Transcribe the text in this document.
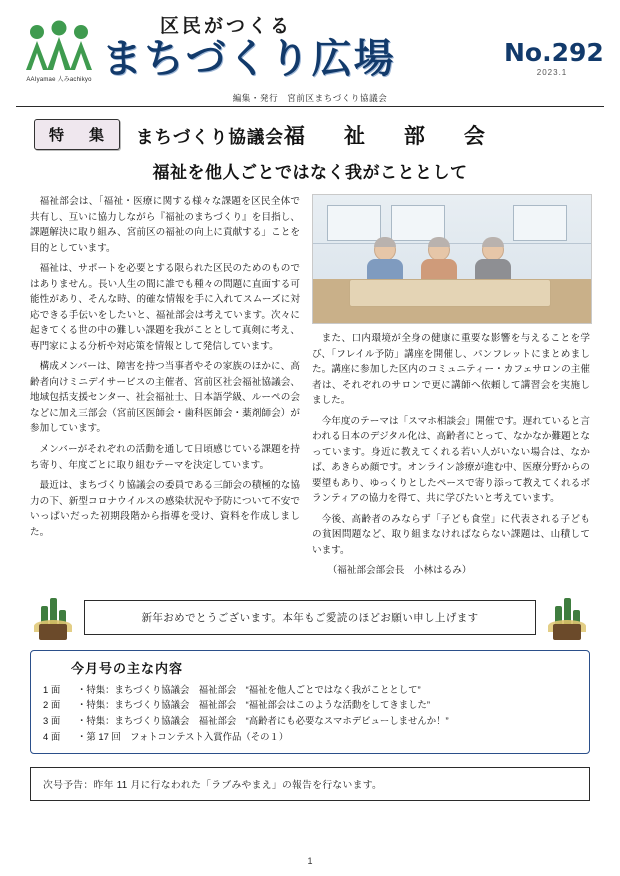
AAIyamae 人みachikyo
区民がつくる
まちづくり広場	No.292
2023.1
編集・発行　宮前区まちづくり協議会
特　集	まちづくり協議会福　祉　部　会
福祉を他人ごとではなく我がこととして

福祉部会は、「福祉・医療に関する様々な課題を区民全体で共有し、互いに協力しながら『福祉のまちづくり』を目指し、課題解決に取り組み、宮前区の福祉の向上に貢献する」ことを目的としています。

福祉は、サポートを必要とする限られた区民のためのものではありません。長い人生の間に誰でも種々の問題に直面する可能性があり、そんな時、的確な情報を手に入れてスムーズに対応できる手伝いをしたいと、福祉部会は考えています。次々に起きてくる世の中の難しい課題を我がこととして真剣に考え、専門家による分析や対応策を情報として発信しています。

構成メンバーは、障害を持つ当事者やその家族のほかに、高齢者向けミニデイサービスの主催者、宮前区社会福祉協議会、地域包括支援センター、社会福祉士、日本語学級、ルーペの会などに加え三部会（宮前区医師会・歯科医師会・薬剤師会）が参加しています。

メンバーがそれぞれの活動を通して日頃感じている課題を持ち寄り、年度ごとに取り組むテーマを決定しています。

最近は、まちづくり協議会の委員である三師会の積極的な協力の下、新型コロナウイルスの感染状況や予防について不安でいっぱいだった初期段階から指導を受け、資料を作成しました。

また、口内環境が全身の健康に重要な影響を与えることを学び、「フレイル予防」講座を開催し、パンフレットにまとめました。講座に参加した区内のコミュニティー・カフェサロンの主催者は、それぞれのサロンで更に講師へ依頼して講習会を実施しました。

今年度のテーマは「スマホ相談会」開催です。遅れていると言われる日本のデジタル化は、高齢者にとって、なかなか難題となっています。身近に教えてくれる若い人がいない場合は、なかば、あきらめ顔です。オンライン診療が進む中、医療分野からの要望もあり、ゆっくりとしたペースで寄り添って教えてくれるボランティアの協力を得て、共に学びたいと考えています。

今後、高齢者のみならず「子ども食堂」に代表される子どもの貧困問題など、取り組まなければならない課題は、山積しています。

（福祉部会部会長　小林はるみ）

新年おめでとうございます。本年もご愛読のほどお願い申し上げます
今月号の主な内容
1 面	・特集：まちづくり協議会　福祉部会　“福祉を他人ごとではなく我がこととして”
2 面	・特集：まちづくり協議会　福祉部会　“福祉部会はこのような活動をしてきました”
3 面	・特集：まちづくり協議会　福祉部会　“高齢者にも必要なスマホデビューしませんか！”
4 面	・第 17 回　フォトコンテスト入賞作品（その１）
次号予告：昨年 11 月に行なわれた「ラブみやまえ」の報告を行ないます。
1
